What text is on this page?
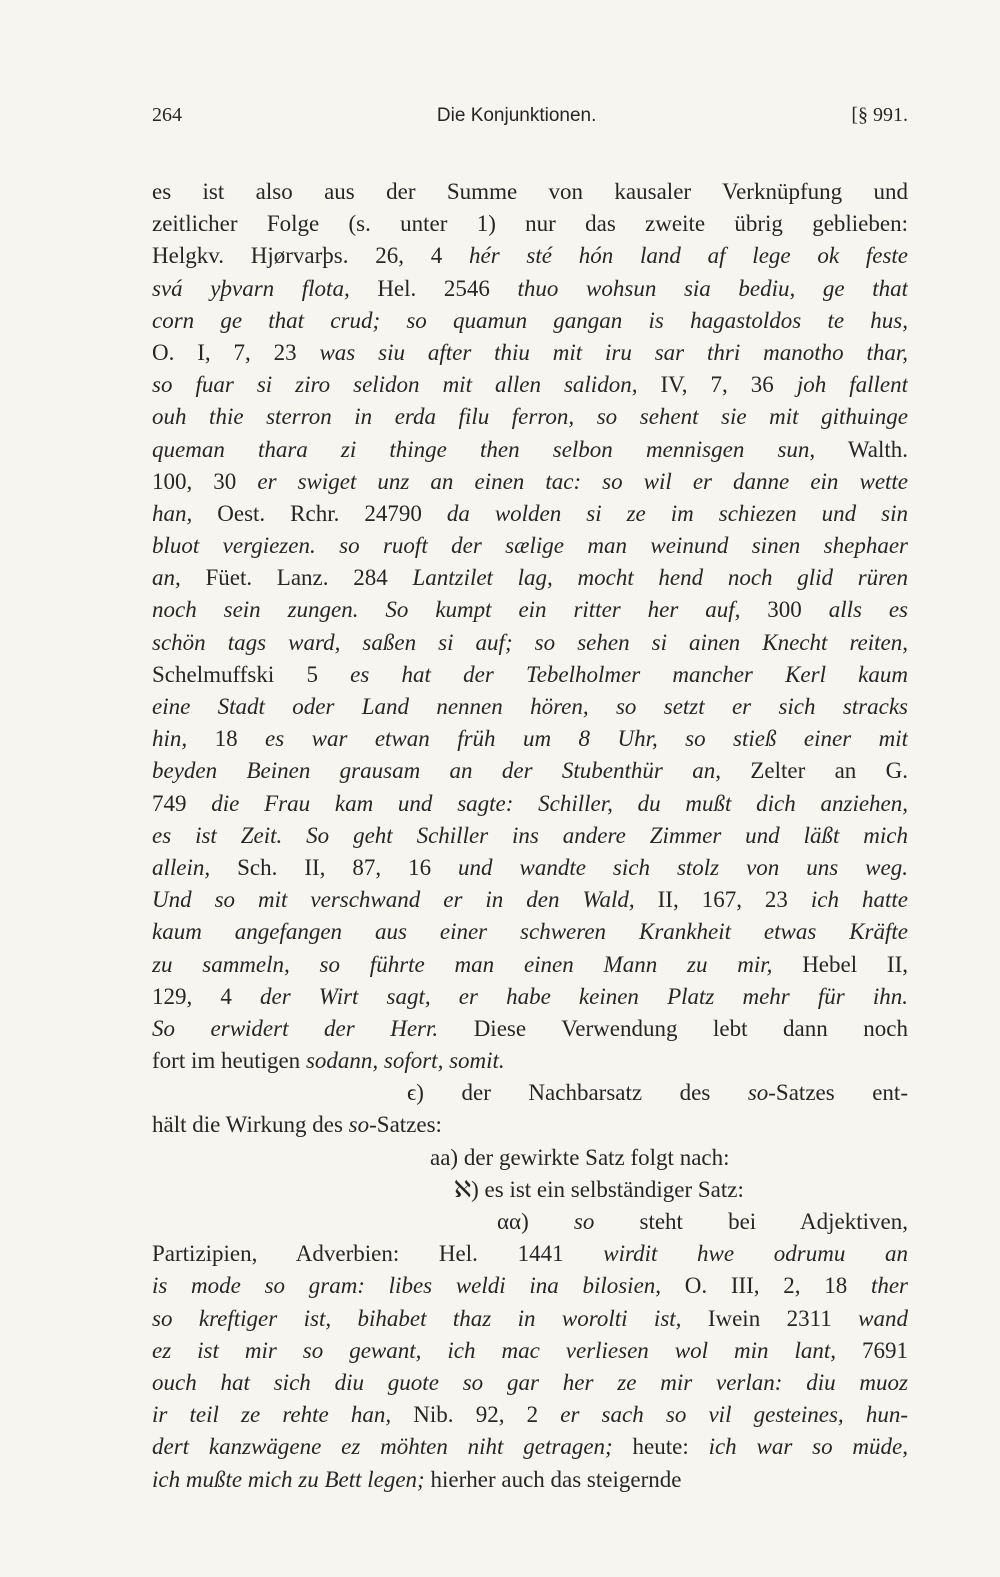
264	Die Konjunktionen.	[§ 991.
es ist also aus der Summe von kausaler Verknüpfung und
zeitlicher Folge (s. unter 1) nur das zweite übrig geblieben:
Helgkv. Hjørvarþs. 26, 4 hér sté hón land af lege ok feste
svá yþvarn flota, Hel. 2546 thuo wohsun sia bediu, ge that
corn ge that crud; so quamun gangan is hagastoldos te hus,
O. I, 7, 23 was siu after thiu mit iru sar thri manotho thar,
so fuar si ziro selidon mit allen salidon, IV, 7, 36 joh fallent
ouh thie sterron in erda filu ferron, so sehent sie mit githuinge
queman thara zi thinge then selbon mennisgen sun, Walth.
100, 30 er swiget unz an einen tac: so wil er danne ein wette
han, Oest. Rchr. 24790 da wolden si ze im schiezen und sin
bluot vergiezen. so ruoft der sælige man weinund sinen shephaer
an, Füet. Lanz. 284 Lantzilet lag, mocht hend noch glid rüren
noch sein zungen. So kumpt ein ritter her auf, 300 alls es
schön tags ward, saßen si auf; so sehen si ainen Knecht reiten,
Schelmuffski 5 es hat der Tebelholmer mancher Kerl kaum
eine Stadt oder Land nennen hören, so setzt er sich stracks
hin, 18 es war etwan früh um 8 Uhr, so stieß einer mit
beyden Beinen grausam an der Stubenthür an, Zelter an G.
749 die Frau kam und sagte: Schiller, du mußt dich anziehen,
es ist Zeit. So geht Schiller ins andere Zimmer und läßt mich
allein, Sch. II, 87, 16 und wandte sich stolz von uns weg.
Und so mit verschwand er in den Wald, II, 167, 23 ich hatte
kaum angefangen aus einer schweren Krankheit etwas Kräfte
zu sammeln, so führte man einen Mann zu mir, Hebel II,
129, 4 der Wirt sagt, er habe keinen Platz mehr für ihn.
So erwidert der Herr. Diese Verwendung lebt dann noch
fort im heutigen sodann, sofort, somit.
ϵ) der Nachbarsatz des so-Satzes ent-
hält die Wirkung des so-Satzes:
aa) der gewirkte Satz folgt nach:
ℵ) es ist ein selbständiger Satz:
αα) so steht bei Adjektiven,
Partizipien, Adverbien: Hel. 1441 wirdit hwe odrumu an
is mode so gram: libes weldi ina bilosien, O. III, 2, 18 ther
so kreftiger ist, bihabet thaz in worolti ist, Iwein 2311 wand
ez ist mir so gewant, ich mac verliesen wol min lant, 7691
ouch hat sich diu guote so gar her ze mir verlan: diu muoz
ir teil ze rehte han, Nib. 92, 2 er sach so vil gesteines, hun-
dert kanzwägene ez möhten niht getragen; heute: ich war so müde,
ich mußte mich zu Bett legen; hierher auch das steigernde
